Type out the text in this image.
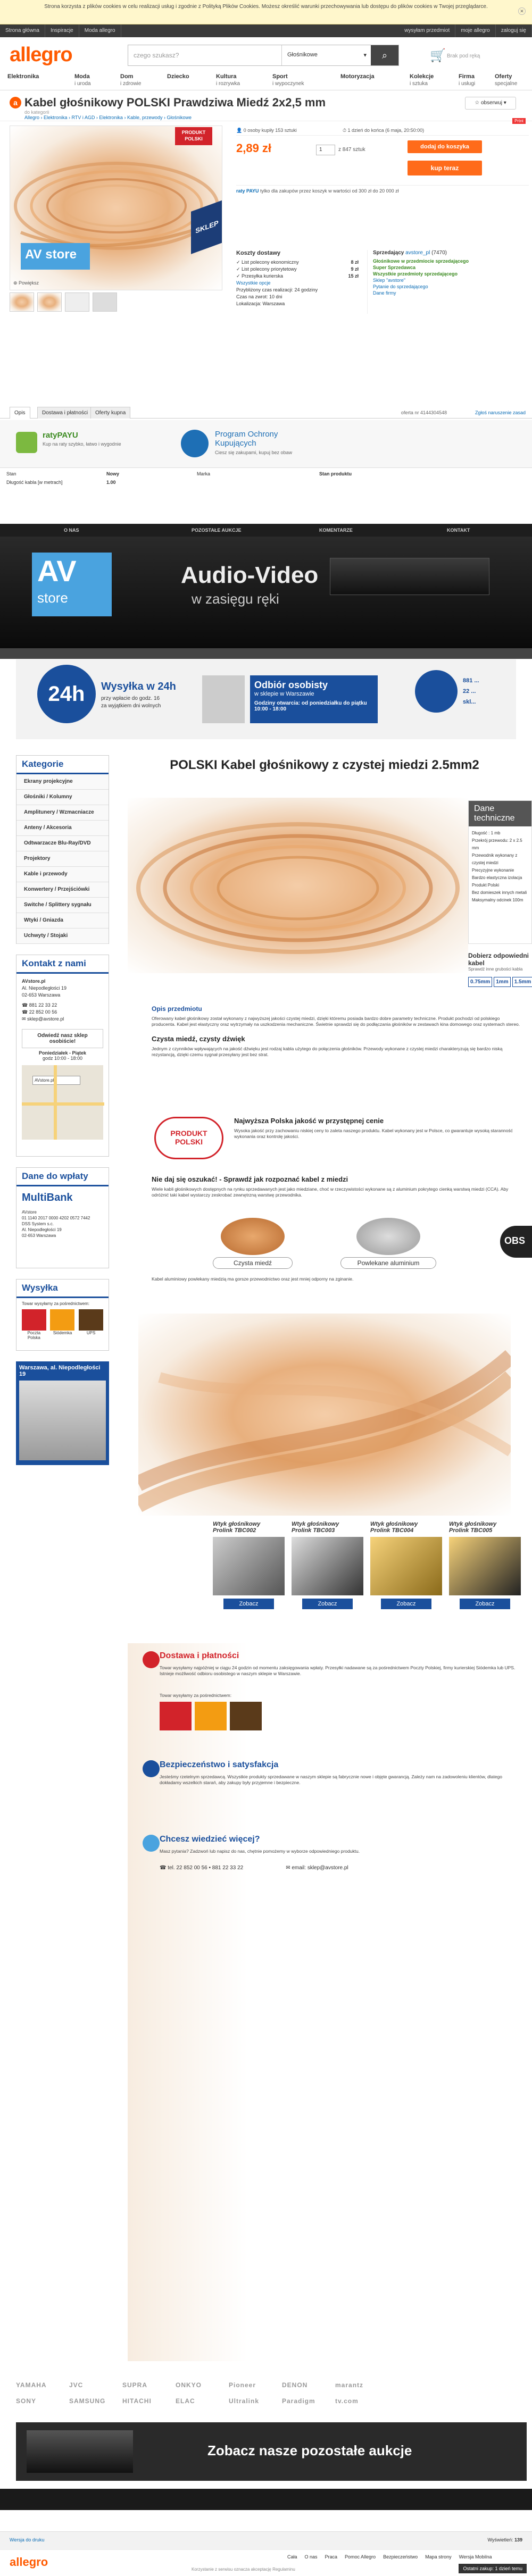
Strona korzysta z plików cookies w celu realizacji usług i zgodnie z Polityką Plików Cookies. Możesz określić warunki przechowywania lub dostępu do plików cookies w Twojej przeglądarce.
✕
Strona główna Inspiracje Moda allegro	wysyłam przedmiot moje allegro zaloguj się
allegro	czego szukasz?	Głośnikowe	▾	⌕	🛒 Brak pod ręką
Elektronika	Moda
i uroda
Dom
i zdrowie
Dziecko	Kultura
i rozrywka
Sport
i wypoczynek
Motoryzacja	Kolekcje
i sztuka
Firma
i usługi
Oferty
specjalne
a Kabel głośnikowy POLSKI Prawdziwa Miedź 2x2,5 mm
do kategorii
Allegro › Elektronika › RTV i AGD › Elektronika › Kable, przewody › Głośnikowe
☆ obserwuj ▾
Prtnt
PRODUKT POLSKI
SKLEP
AV store
⊕ Powiększ
👤 0 osoby kupiły 153 sztuki	⏱ 1 dzień do końca (6 maja, 20:50:00)
2,89 zł	1	z 847 sztuk	dodaj do koszyka
kup teraz
raty PAYU tylko dla zakupów przez koszyk w wartości od 300 zł do 20 000 zł
Koszty dostawy
✓ List polecony ekonomiczny	8 zł
✓ List polecony priorytetowy	9 zł
✓ Przesyłka kurierska	15 zł
Wszystkie opcje
Przybliżony czas realizacji: 24 godziny
Czas na zwrot: 10 dni
Lokalizacja: Warszawa
Sprzedający avstore_pl (7470)
Głośnikowe w przedmiocie sprzedającego
Super Sprzedawca
Wszystkie przedmioty sprzedającego
Sklep "avstore"
Pytanie do sprzedającego
Dane firmy
Opis	Dostawa i płatności	Oferty kupna	oferta nr 4144304548	Zgłoś naruszenie zasad
ratyPAYU
Kup na raty szybko, łatwo i wygodnie
Program Ochrony Kupujących
Ciesz się zakupami, kupuj bez obaw
Stan	Nowy
Długość kabla [w metrach]	1.00
Marka	Stan produktu
O NAS	POZOSTAŁE AUKCJE	KOMENTARZE	KONTAKT
AV
store
Audio-Video
w zasięgu ręki
24h	Wysyłka w 24h
przy wpłacie do godz. 16
za wyjątkiem dni wolnych
Odbiór osobisty
w sklepie w Warszawie
Godziny otwarcia: od poniedziałku do piątku 10:00 - 18:00
881 ...
22 ...
skl...
Kategorie
Ekrany projekcyjne
Głośniki / Kolumny
Amplitunery / Wzmacniacze
Anteny / Akcesoria
Odtwarzacze Blu-Ray/DVD
Projektory
Kable i przewody
Konwertery / Przejściówki
Switche / Splittery sygnału
Wtyki / Gniazda
Uchwyty / Stojaki
Kontakt z nami
AVstore.pl
Al. Niepodległości 19
02-653 Warszawa
☎ 881 22 33 22
☎ 22 852 00 56
✉ sklep@avstore.pl
Odwiedź nasz sklep osobiście!
Poniedziałek - Piątek
godz 10:00 - 18:00
AVstore.pl
Dane do wpłaty
MultiBank
AVstore
01 1140 2017 0000 4202 0572 7442
DSS System s.c.
Al. Niepodległości 19
02-653 Warszawa
Wysyłka
Towar wysyłamy za pośrednictwem:
Poczta Polska
Siódemka	UPS
Warszawa, al. Niepodległości 19
POLSKI Kabel głośnikowy z czystej miedzi 2.5mm2
Dane techniczne
Długość : 1 mb
Przekrój przewodu: 2 x 2.5 mm
Przewodnik wykonany z czystej miedzi
Precyzyjne wykonanie
Bardzo elastyczna izolacja
Produkt Polski
Bez domieszek innych metali
Maksymalny odcinek 100m
Dobierz odpowiedni kabel
Sprawdź inne grubości kabla
0.75mm	1mm	1.5mm
Opis przedmiotu
Oferowany kabel głośnikowy został wykonany z najwyższej jakości czystej miedzi, dzięki któremu posiada bardzo dobre parametry techniczne. Produkt pochodzi od polskiego producenta. Kabel jest elastyczny oraz wytrzymały na uszkodzenia mechaniczne. Świetnie sprawdzi się do podłączania głośników w zestawach kina domowego oraz systemach stereo.
Czysta miedź, czysty dźwięk
Jednym z czynników wpływających na jakość dźwięku jest rodzaj kabla użytego do połączenia głośników. Przewody wykonane z czystej miedzi charakteryzują się bardzo niską rezystancją, dzięki czemu sygnał przesyłany jest bez strat.
PRODUKT POLSKI
Najwyższa Polska jakość w przystępnej cenie
Wysoka jakość przy zachowaniu niskiej ceny to zaleta naszego produktu. Kabel wykonany jest w Polsce, co gwarantuje wysoką staranność wykonania oraz kontrolę jakości.
Nie daj się oszukać! - Sprawdź jak rozpoznać kabel z miedzi
Wiele kabli głośnikowych dostępnych na rynku sprzedawanych jest jako miedziane, choć w rzeczywistości wykonane są z aluminium pokrytego cienką warstwą miedzi (CCA). Aby odróżnić taki kabel wystarczy zeskrobać zewnętrzną warstwę przewodnika.
Czysta miedź	Powlekane aluminium
OBS
Kabel aluminiowy powlekany miedzią ma gorsze przewodnictwo oraz jest mniej odporny na zginanie.
Wtyk głośnikowy
Prolink TBC002
Zobacz
Wtyk głośnikowy
Prolink TBC003
Zobacz
Wtyk głośnikowy
Prolink TBC004
Zobacz
Wtyk głośnikowy
Prolink TBC005
Zobacz
Dostawa i płatności
Towar wysyłamy najpóźniej w ciągu 24 godzin od momentu zaksięgowania wpłaty. Przesyłki nadawane są za pośrednictwem Poczty Polskiej, firmy kurierskiej Siódemka lub UPS. Istnieje możliwość odbioru osobistego w naszym sklepie w Warszawie.
Towar wysyłamy za pośrednictwem:
Bezpieczeństwo i satysfakcja
Jesteśmy rzetelnym sprzedawcą. Wszystkie produkty sprzedawane w naszym sklepie są fabrycznie nowe i objęte gwarancją. Zależy nam na zadowoleniu klientów, dlatego dokładamy wszelkich starań, aby zakupy były przyjemne i bezpieczne.
Chcesz wiedzieć więcej?
Masz pytania? Zadzwoń lub napisz do nas, chętnie pomożemy w wyborze odpowiedniego produktu.
☎ tel. 22 852 00 56 • 881 22 33 22	✉ email: sklep@avstore.pl
YAMAHA	JVC	SUPRA	ONKYO	Pioneer	DENON	marantz
SONY	SAMSUNG	HITACHI	ELAC	Ultralink	Paradigm	tv.com
Zobacz nasze pozostałe aukcje
Wersja do druku	Wyświetleń: 139
allegro	Cała O nas Praca Pomoc Allegro Bezpieczeństwo Mapa strony Wersja Mobilna
Korzystanie z serwisu oznacza akceptację Regulaminu	Ostatni zakup: 1 dzień temu
